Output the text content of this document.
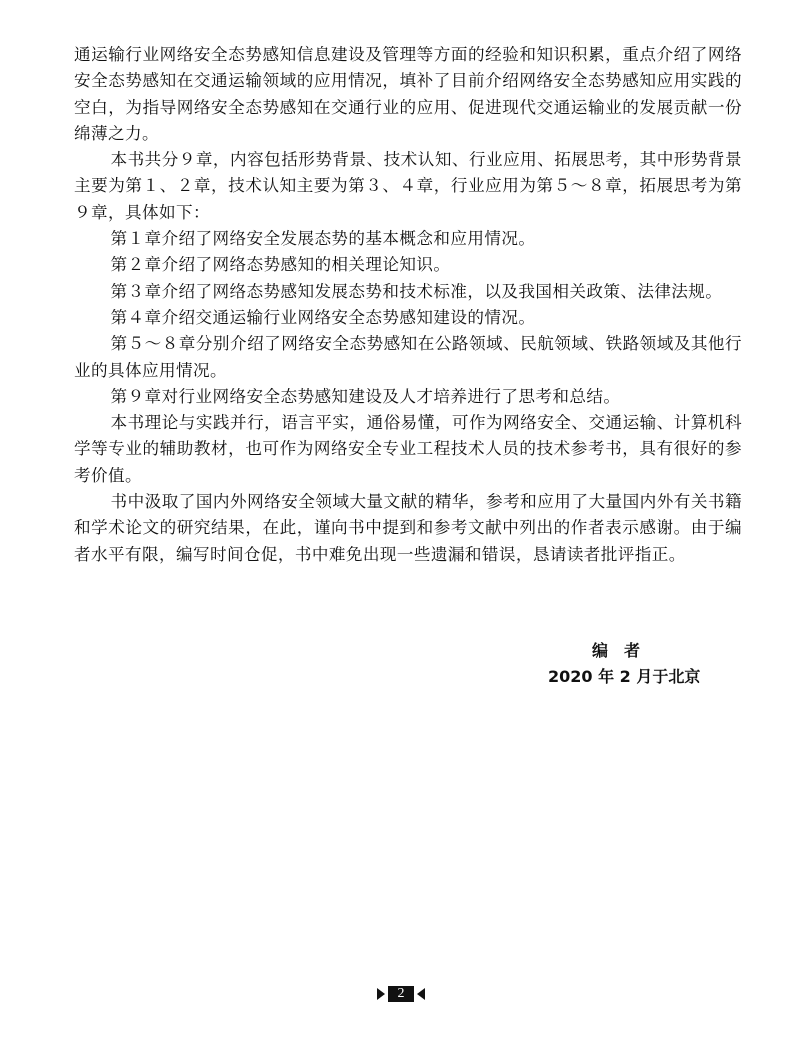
通运输行业网络安全态势感知信息建设及管理等方面的经验和知识积累，重点介绍了网络安全态势感知在交通运输领域的应用情况，填补了目前介绍网络安全态势感知应用实践的空白，为指导网络安全态势感知在交通行业的应用、促进现代交通运输业的发展贡献一份绵薄之力。

本书共分９章，内容包括形势背景、技术认知、行业应用、拓展思考，其中形势背景主要为第１、２章，技术认知主要为第３、４章，行业应用为第５～８章，拓展思考为第９章，具体如下：

第１章介绍了网络安全发展态势的基本概念和应用情况。

第２章介绍了网络态势感知的相关理论知识。

第３章介绍了网络态势感知发展态势和技术标准，以及我国相关政策、法律法规。

第４章介绍交通运输行业网络安全态势感知建设的情况。

第５～８章分别介绍了网络安全态势感知在公路领域、民航领域、铁路领域及其他行业的具体应用情况。

第９章对行业网络安全态势感知建设及人才培养进行了思考和总结。

本书理论与实践并行，语言平实，通俗易懂，可作为网络安全、交通运输、计算机科学等专业的辅助教材，也可作为网络安全专业工程技术人员的技术参考书，具有很好的参考价值。

书中汲取了国内外网络安全领域大量文献的精华，参考和应用了大量国内外有关书籍和学术论文的研究结果，在此，谨向书中提到和参考文献中列出的作者表示感谢。由于编者水平有限，编写时间仓促，书中难免出现一些遗漏和错误，恳请读者批评指正。

编者
2020 年 2 月于北京
2
